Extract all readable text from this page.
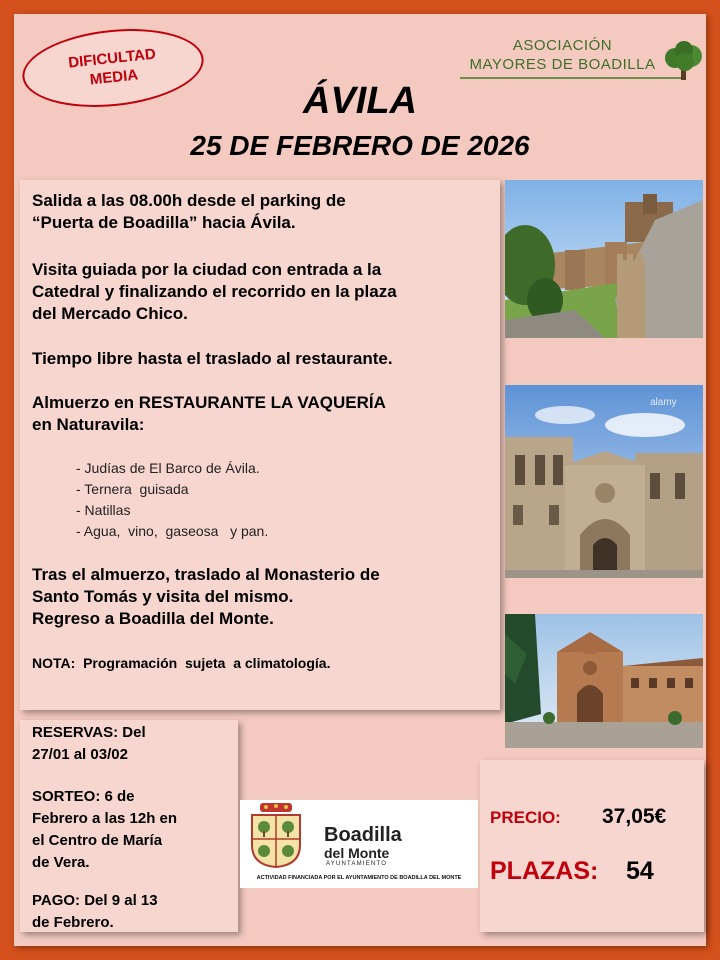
DIFICULTAD
MEDIA
ASOCIACIÓN
MAYORES DE BOADILLA
ÁVILA
25 DE FEBRERO DE 2026

Salida a las 08.00h desde el parking de

“Puerta de Boadilla” hacia Ávila.

Visita guiada por la ciudad con entrada a la

Catedral y finalizando el recorrido en la plaza

del Mercado Chico.

Tiempo libre hasta el traslado al restaurante.

Almuerzo en RESTAURANTE LA VAQUERÍA

en Naturavila:

- Judías de El Barco de Ávila.
- Ternera  guisada
- Natillas
- Agua,  vino,  gaseosa   y pan.

Tras el almuerzo, traslado al Monasterio de

Santo Tomás y visita del mismo.

Regreso a Boadilla del Monte.

NOTA:  Programación  sujeta  a climatología.
alamy

RESERVAS: Del

27/01 al 03/02

SORTEO: 6 de

Febrero a las 12h en

el Centro de María

de Vera.

PAGO: Del 9 al 13

de Febrero.

Boadilla
del Monte
AYUNTAMIENTO
ACTIVIDAD FINANCIADA POR EL AYUNTAMIENTO DE BOADILLA DEL MONTE
PRECIO: 37,05€
PLAZAS: 54
